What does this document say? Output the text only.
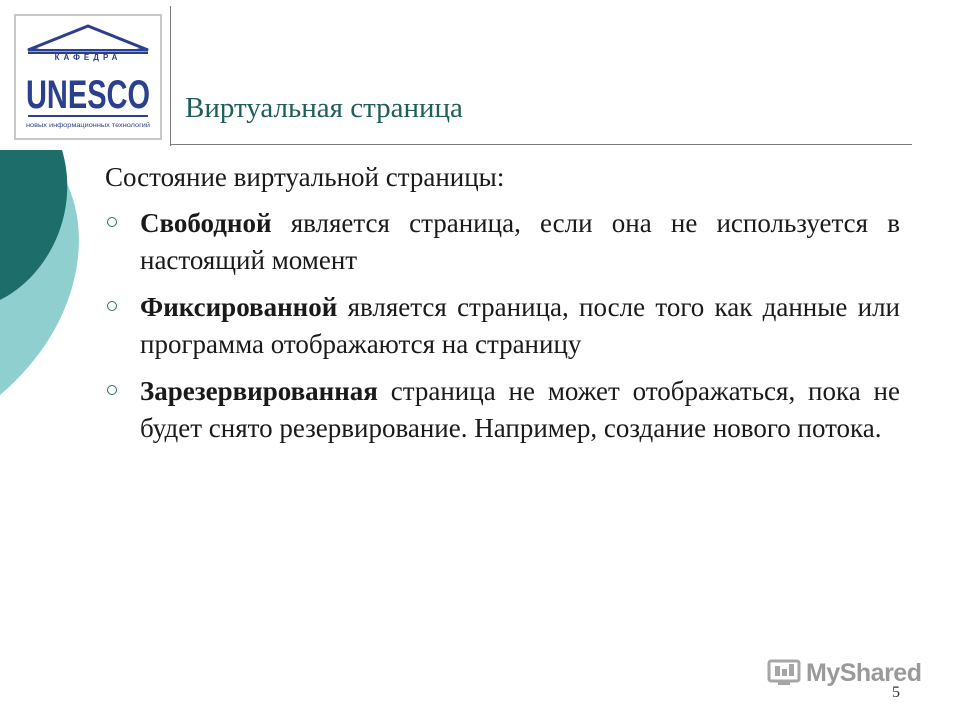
КАФЕДРА
UNESCO
новых информационных технологий
Виртуальная страница
Состояние виртуальной страницы:
Свободной является страница, если она не используется в настоящий момент
Фиксированной является страница, после того как данные или программа отображаются на страницу
Зарезервированная страница не может отображаться, пока не будет снято резервирование. Например, создание нового потока.
MyShared
5
